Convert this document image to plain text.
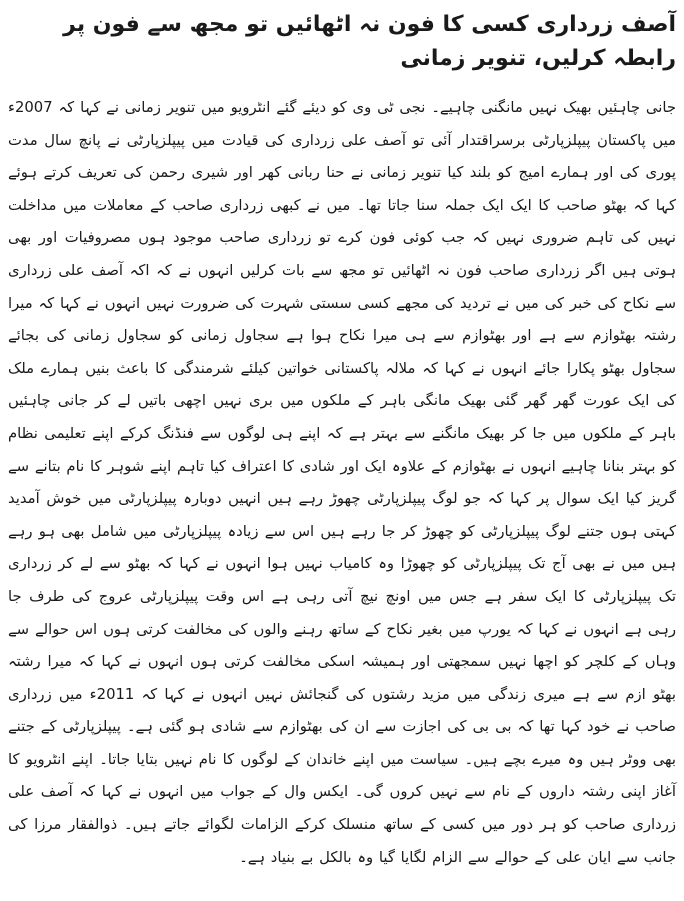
آصف زرداری کسی کا فون نہ اٹھائیں تو مجھ سے فون پر رابطہ کرلیں، تنویر زمانی

جانی چاہئیں بھیک نہیں مانگنی چاہیے۔ نجی ٹی وی کو دیئے گئے انٹرویو میں تنویر زمانی نے کہا کہ 2007ء میں پاکستان پیپلزپارٹی برسراقتدار آئی تو آصف علی زرداری کی قیادت میں پیپلزپارٹی نے پانچ سال مدت پوری کی اور ہمارے امیج کو بلند کیا تنویر زمانی نے حنا ربانی کھر اور شیری رحمن کی تعریف کرتے ہوئے کہا کہ بھٹو صاحب کا ایک ایک جملہ سنا جاتا تھا۔ میں نے کبھی زرداری صاحب کے معاملات میں مداخلت نہیں کی تاہم ضروری نہیں کہ جب کوئی فون کرے تو زرداری صاحب موجود ہوں مصروفیات اور بھی ہوتی ہیں اگر زرداری صاحب فون نہ اٹھائیں تو مجھ سے بات کرلیں انہوں نے کہ اکہ آصف علی زرداری سے نکاح کی خبر کی میں نے تردید کی مجھے کسی سستی شہرت کی ضرورت نہیں انہوں نے کہا کہ میرا رشتہ بھٹوازم سے ہے اور بھٹوازم سے ہی میرا نکاح ہوا ہے سجاول زمانی کو سجاول زمانی کی بجائے سجاول بھٹو پکارا جائے انہوں نے کہا کہ ملالہ پاکستانی خواتین کیلئے شرمندگی کا باعث بنیں ہمارے ملک کی ایک عورت گھر گھر گئی بھیک مانگی باہر کے ملکوں میں بری نہیں اچھی باتیں لے کر جانی چاہئیں باہر کے ملکوں میں جا کر بھیک مانگنے سے بہتر ہے کہ اپنے ہی لوگوں سے فنڈنگ کرکے اپنے تعلیمی نظام کو بہتر بنانا چاہیے انہوں نے بھٹوازم کے علاوہ ایک اور شادی کا اعتراف کیا تاہم اپنے شوہر کا نام بتانے سے گریز کیا ایک سوال پر کہا کہ جو لوگ پیپلزپارٹی چھوڑ رہے ہیں انہیں دوبارہ پیپلزپارٹی میں خوش آمدید کہتی ہوں جتنے لوگ پیپلزپارٹی کو چھوڑ کر جا رہے ہیں اس سے زیادہ پیپلزپارٹی میں شامل بھی ہو رہے ہیں میں نے بھی آج تک پیپلزپارٹی کو چھوڑا وہ کامیاب نہیں ہوا انہوں نے کہا کہ بھٹو سے لے کر زرداری تک پیپلزپارٹی کا ایک سفر ہے جس میں اونچ نیچ آتی رہی ہے اس وقت پیپلزپارٹی عروج کی طرف جا رہی ہے انہوں نے کہا کہ یورپ میں بغیر نکاح کے ساتھ رہنے والوں کی مخالفت کرتی ہوں اس حوالے سے وہاں کے کلچر کو اچھا نہیں سمجھتی اور ہمیشہ اسکی مخالفت کرتی ہوں انہوں نے کہا کہ میرا رشتہ بھٹو ازم سے ہے میری زندگی میں مزید رشتوں کی گنجائش نہیں انہوں نے کہا کہ 2011ء میں زرداری صاحب نے خود کہا تھا کہ بی بی کی اجازت سے ان کی بھٹوازم سے شادی ہو گئی ہے۔ پیپلزپارٹی کے جتنے بھی ووٹر ہیں وہ میرے بچے ہیں۔ سیاست میں اپنے خاندان کے لوگوں کا نام نہیں بتایا جاتا۔ اپنے انٹرویو کا آغاز اپنی رشتہ داروں کے نام سے نہیں کروں گی۔ ایکس وال کے جواب میں انہوں نے کہا کہ آصف علی زرداری صاحب کو ہر دور میں کسی کے ساتھ منسلک کرکے الزامات لگوائے جاتے ہیں۔ ذوالفقار مرزا کی جانب سے ایان علی کے حوالے سے الزام لگایا گیا وہ بالکل بے بنیاد ہے۔
